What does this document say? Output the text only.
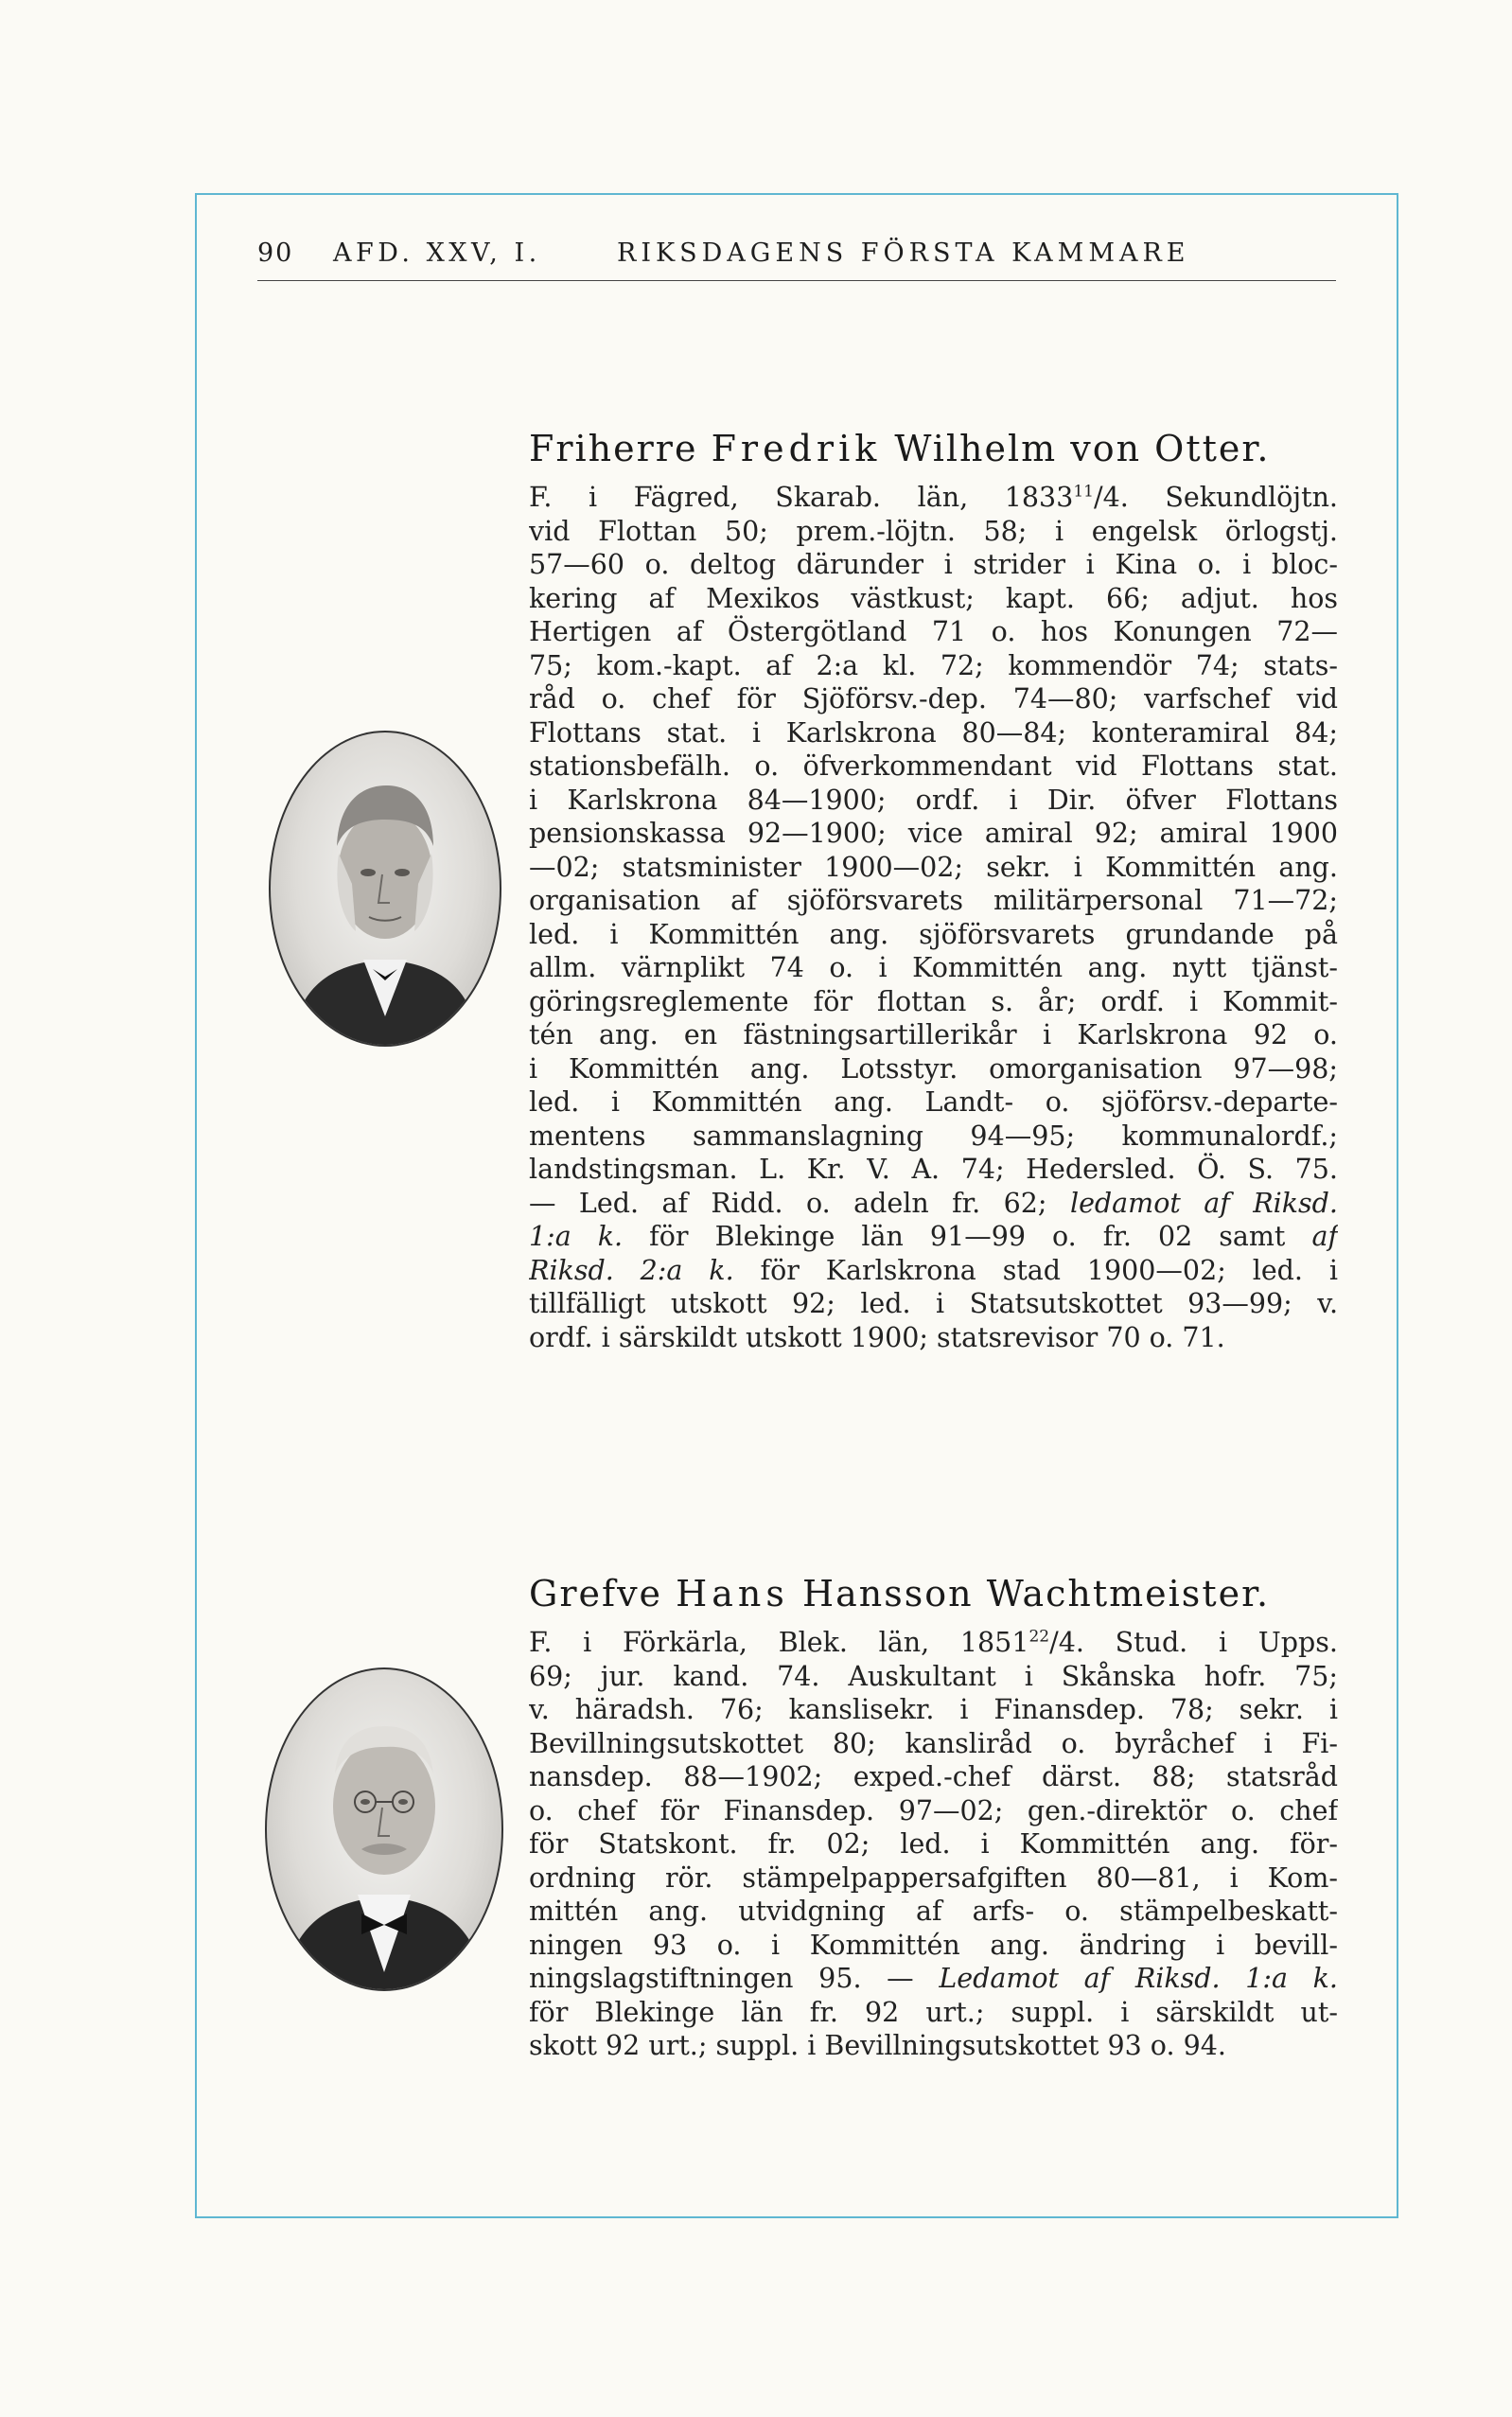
90 AFD. XXV, I.	RIKSDAGENS FÖRSTA KAMMARE
Friherre Fredrik Wilhelm von Otter.
F. i Fägred, Skarab. län, 1833$^{11}$/4. Sekundlöjtn.
vid Flottan 50; prem.-löjtn. 58; i engelsk örlogstj.
57—60 o. deltog därunder i strider i Kina o. i bloc-
kering af Mexikos västkust; kapt. 66; adjut. hos
Hertigen af Östergötland 71 o. hos Konungen 72—
75; kom.-kapt. af 2:a kl. 72; kommendör 74; stats-
råd o. chef för Sjöförsv.-dep. 74—80; varfschef vid
Flottans stat. i Karlskrona 80—84; konteramiral 84;
stationsbefälh. o. öfverkommendant vid Flottans stat.
i Karlskrona 84—1900; ordf. i Dir. öfver Flottans
pensionskassa 92—1900; vice amiral 92; amiral 1900
—02; statsminister 1900—02; sekr. i Kommittén ang.
organisation af sjöförsvarets militärpersonal 71—72;
led. i Kommittén ang. sjöförsvarets grundande på
allm. värnplikt 74 o. i Kommittén ang. nytt tjänst-
göringsreglemente för flottan s. år; ordf. i Kommit-
tén ang. en fästningsartillerikår i Karlskrona 92 o.
i Kommittén ang. Lotsstyr. omorganisation 97—98;
led. i Kommittén ang. Landt- o. sjöförsv.-departe-
mentens sammanslagning 94—95; kommunalordf.;
landstingsman. L. Kr. V. A. 74; Hedersled. Ö. S. 75.
— Led. af Ridd. o. adeln fr. 62; ledamot af Riksd.
1:a k. för Blekinge län 91—99 o. fr. 02 samt af
Riksd. 2:a k. för Karlskrona stad 1900—02; led. i
tillfälligt utskott 92; led. i Statsutskottet 93—99; v.
ordf. i särskildt utskott 1900; statsrevisor 70 o. 71.
Grefve Hans Hansson Wachtmeister.
F. i Förkärla, Blek. län, 1851$^{22}$/4. Stud. i Upps.
69; jur. kand. 74. Auskultant i Skånska hofr. 75;
v. häradsh. 76; kanslisekr. i Finansdep. 78; sekr. i
Bevillningsutskottet 80; kansliråd o. byråchef i Fi-
nansdep. 88—1902; exped.-chef därst. 88; statsråd
o. chef för Finansdep. 97—02; gen.-direktör o. chef
för Statskont. fr. 02; led. i Kommittén ang. för-
ordning rör. stämpelpappersafgiften 80—81, i Kom-
mittén ang. utvidgning af arfs- o. stämpelbeskatt-
ningen 93 o. i Kommittén ang. ändring i bevill-
ningslagstiftningen 95. — Ledamot af Riksd. 1:a k.
för Blekinge län fr. 92 urt.; suppl. i särskildt ut-
skott 92 urt.; suppl. i Bevillningsutskottet 93 o. 94.
